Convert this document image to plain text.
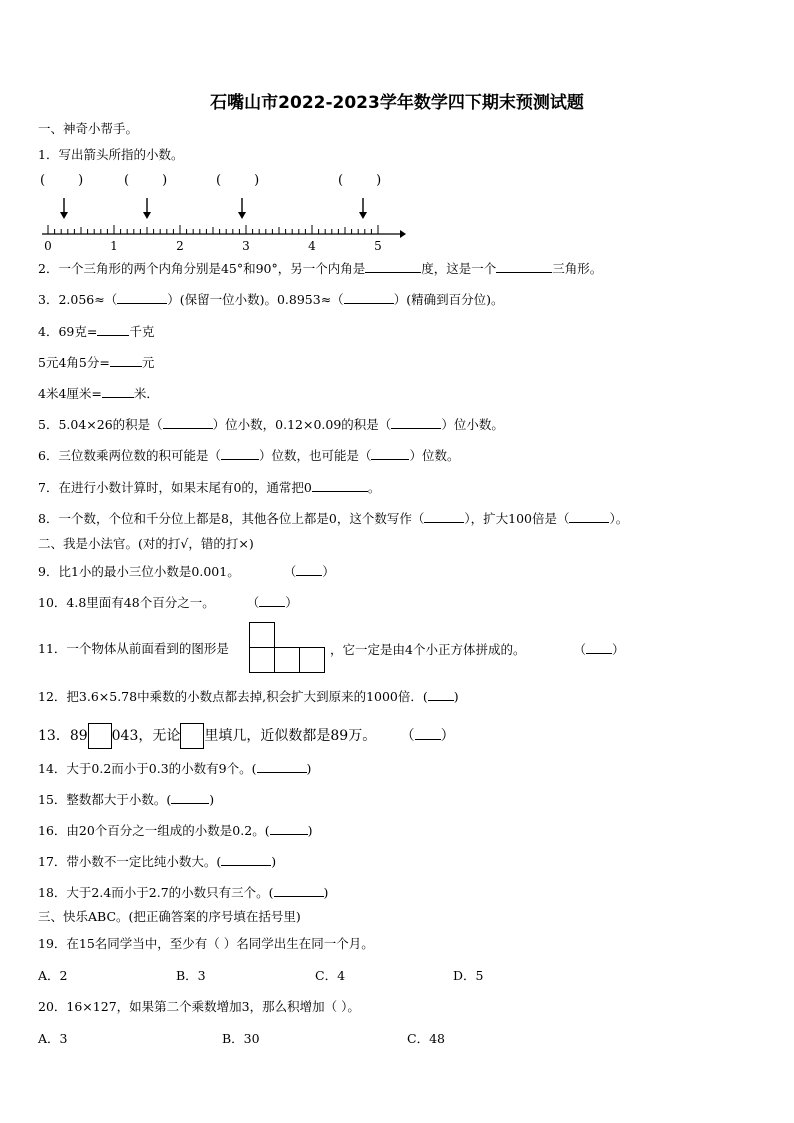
石嘴山市2022-2023学年数学四下期末预测试题
一、神奇小帮手。
1．写出箭头所指的小数。
(        )	(        )	(        )	(        )
0	1	2	3	4	5
2．一个三角形的两个内角分别是45°和90°，另一个内角是	度，这是一个	三角形。
3．2.056≈（	）(保留一位小数)。0.8953≈（	）(精确到百分位)。
4．69克=	千克
5元4角5分=	元
4米4厘米=	米．
5．5.04×26的积是（	）位小数，0.12×0.09的积是（	）位小数。
6．三位数乘两位数的积可能是（	）位数，也可能是（	）位数。
7．在进行小数计算时，如果末尾有0的，通常把0	。
8．一个数，个位和千分位上都是8，其他各位上都是0，这个数写作（	），扩大100倍是（	）。
二、我是小法官。(对的打√，错的打×)
9．比1小的最小三位小数是0.001。	（ ）
10．4.8里面有48个百分之一。	（ ）
11．一个物体从前面看到的图形是	，它一定是由4个小正方体拼成的。	（ ）
12．把3.6×5.78中乘数的小数点都去掉,积会扩大到原来的1000倍．( )
13．89 043，无论 里填几，近似数都是89万。 （ ）
14．大于0.2而小于0.3的小数有9个。(	)
15．整数都大于小数。(	)
16．由20个百分之一组成的小数是0.2。(	)
17．带小数不一定比纯小数大。(	)
18．大于2.4而小于2.7的小数只有三个。(	)
三、快乐ABC。(把正确答案的序号填在括号里)
19．在15名同学当中，至少有（ ）名同学出生在同一个月。
A．2	B．3	C．4	D．5
20．16×127，如果第二个乘数增加3，那么积增加（ ）。
A．3	B．30	C．48
